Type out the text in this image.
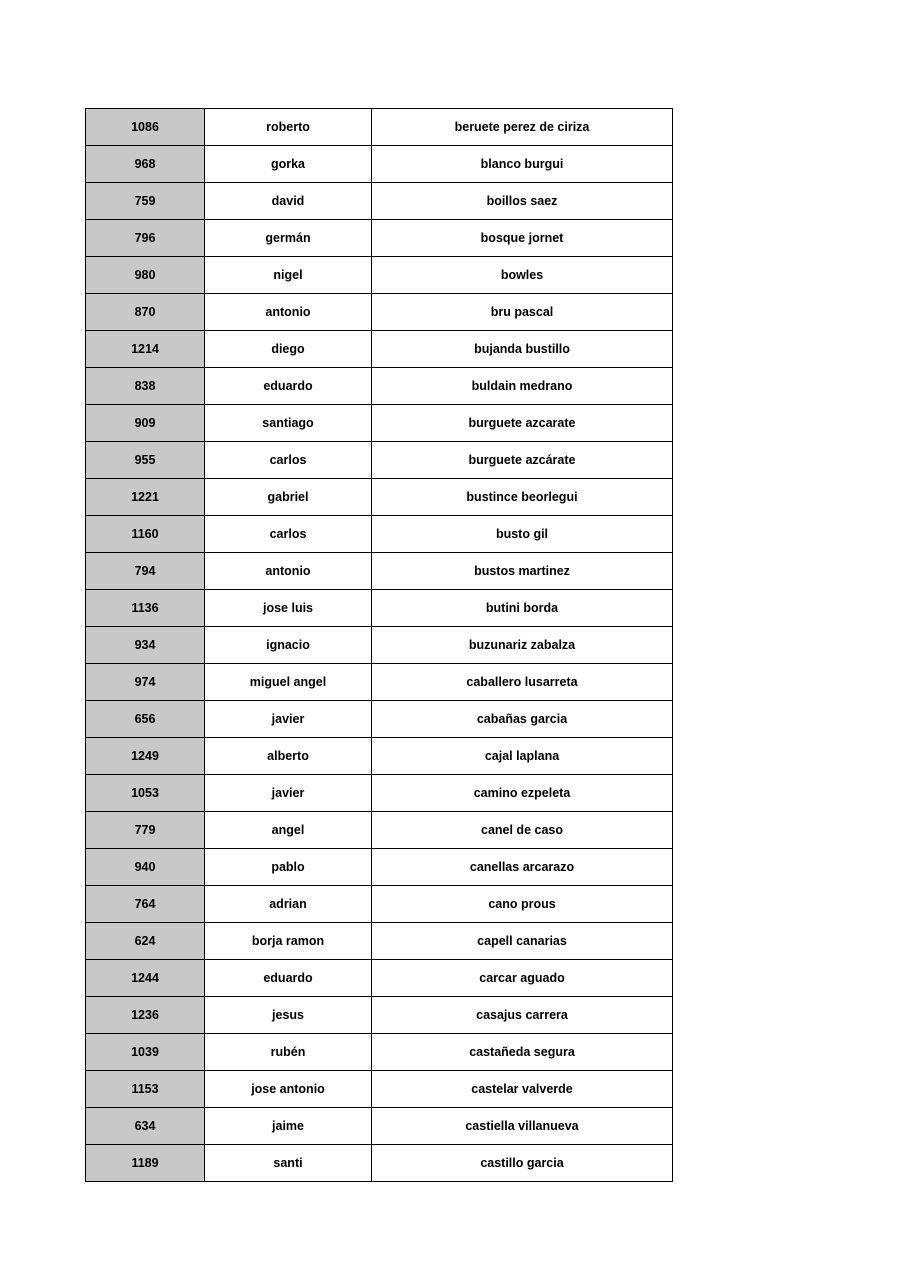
1086	roberto	beruete perez de ciriza
968	gorka	blanco burgui
759	david	boillos saez
796	germán	bosque jornet
980	nigel	bowles
870	antonio	bru pascal
1214	diego	bujanda bustillo
838	eduardo	buldain medrano
909	santiago	burguete azcarate
955	carlos	burguete azcárate
1221	gabriel	bustince beorlegui
1160	carlos	busto gil
794	antonio	bustos martinez
1136	jose luis	butini borda
934	ignacio	buzunariz zabalza
974	miguel angel	caballero lusarreta
656	javier	cabañas garcia
1249	alberto	cajal laplana
1053	javier	camino ezpeleta
779	angel	canel de caso
940	pablo	canellas arcarazo
764	adrian	cano prous
624	borja ramon	capell canarias
1244	eduardo	carcar aguado
1236	jesus	casajus carrera
1039	rubén	castañeda segura
1153	jose antonio	castelar valverde
634	jaime	castiella villanueva
1189	santi	castillo garcia
